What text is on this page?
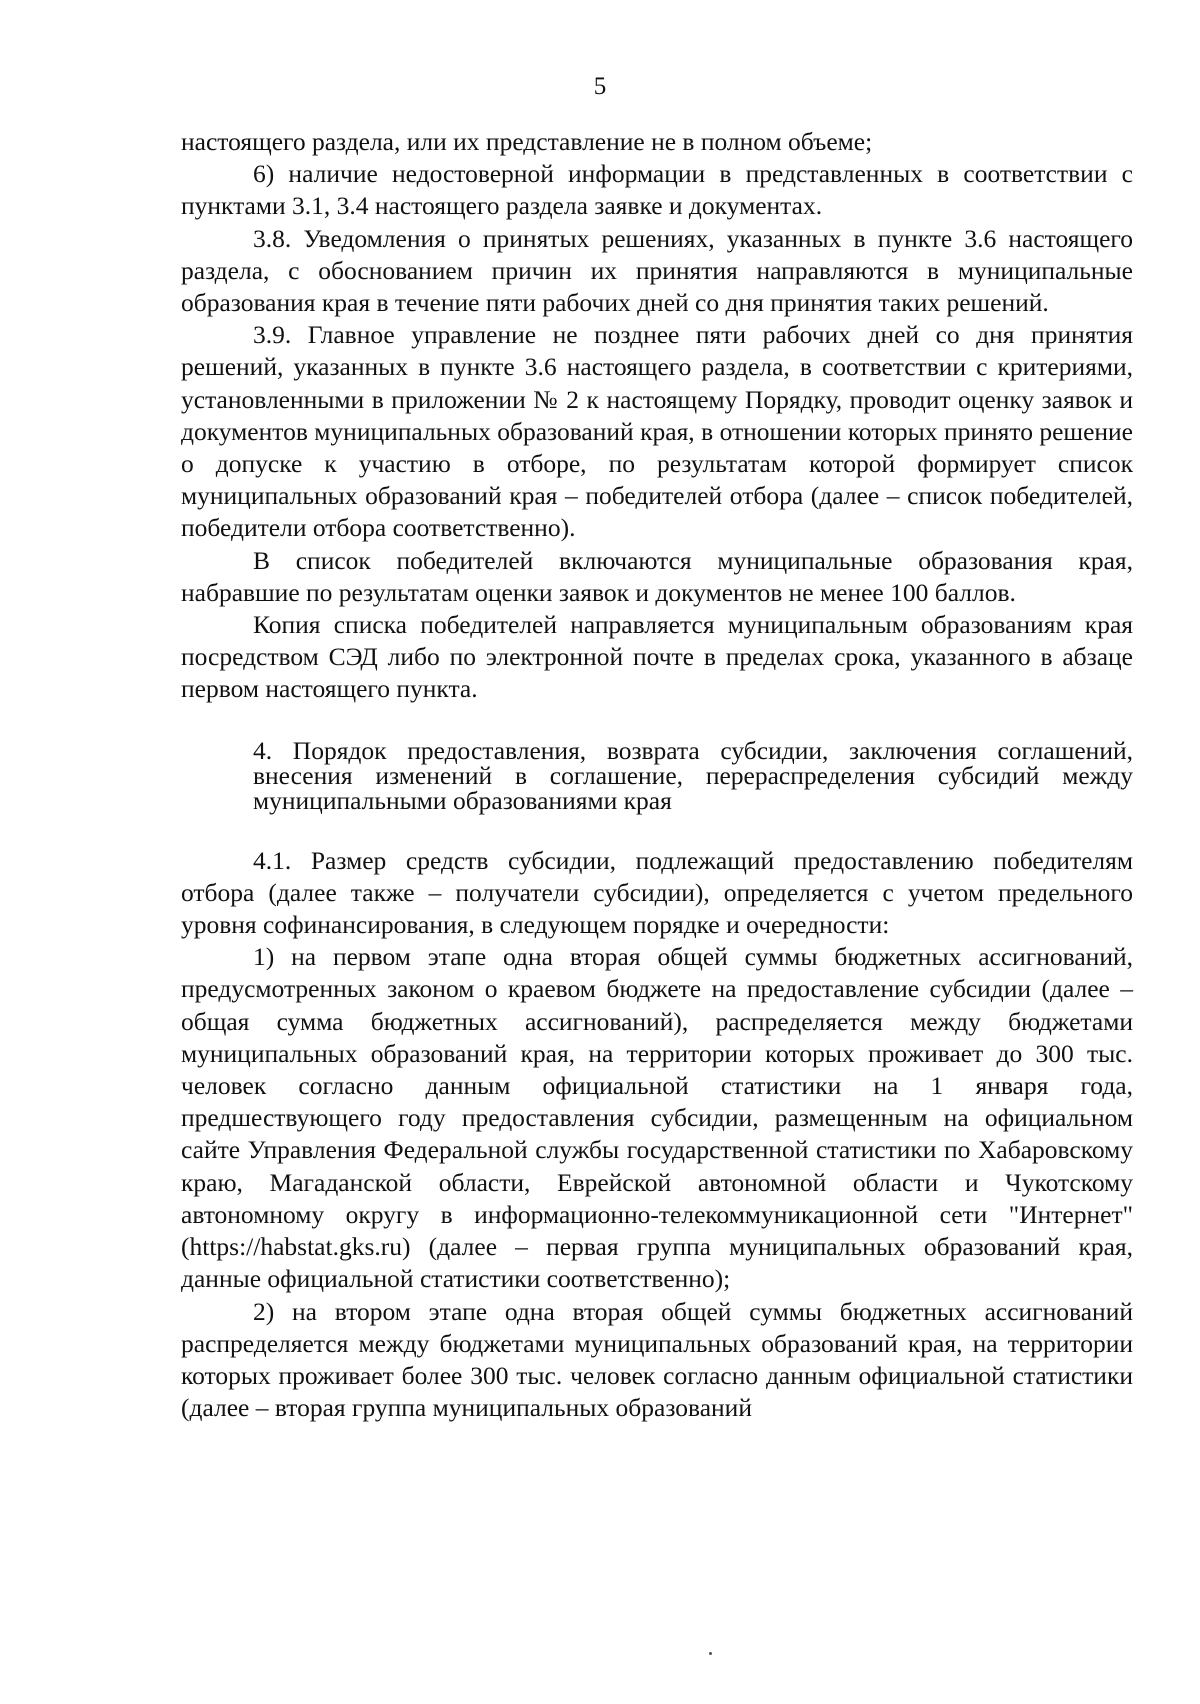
5

настоящего раздела, или их представление не в полном объеме;

6) наличие недостоверной информации в представленных в соответствии с пунктами 3.1, 3.4 настоящего раздела заявке и документах.

3.8. Уведомления о принятых решениях, указанных в пункте 3.6 настоящего раздела, с обоснованием причин их принятия направляются в муниципальные образования края в течение пяти рабочих дней со дня принятия таких решений.

3.9. Главное управление не позднее пяти рабочих дней со дня принятия решений, указанных в пункте 3.6 настоящего раздела, в соответствии с критериями, установленными в приложении № 2 к настоящему Порядку, проводит оценку заявок и документов муниципальных образований края, в отношении которых принято решение о допуске к участию в отборе, по результатам которой формирует список муниципальных образований края – победителей отбора (далее – список победителей, победители отбора соответственно).

В список победителей включаются муниципальные образования края, набравшие по результатам оценки заявок и документов не менее 100 баллов.

Копия списка победителей направляется муниципальным образованиям края посредством СЭД либо по электронной почте в пределах срока, указанного в абзаце первом настоящего пункта.

4. Порядок предоставления, возврата субсидии, заключения соглашений, внесения изменений в соглашение, перераспределения субсидий между муниципальными образованиями края

4.1. Размер средств субсидии, подлежащий предоставлению победителям отбора (далее также – получатели субсидии), определяется с учетом предельного уровня софинансирования, в следующем порядке и очередности:

1) на первом этапе одна вторая общей суммы бюджетных ассигнований, предусмотренных законом о краевом бюджете на предоставление субсидии (далее – общая сумма бюджетных ассигнований), распределяется между бюджетами муниципальных образований края, на территории которых проживает до 300 тыс. человек согласно данным официальной статистики на 1 января года, предшествующего году предоставления субсидии, размещенным на официальном сайте Управления Федеральной службы государственной статистики по Хабаровскому краю, Магаданской области, Еврейской автономной области и Чукотскому автономному округу в информационно-телекоммуникационной сети "Интернет" (https://habstat.gks.ru) (далее – первая группа муниципальных образований края, данные официальной статистики соответственно);

2) на втором этапе одна вторая общей суммы бюджетных ассигнований распределяется между бюджетами муниципальных образований края, на территории которых проживает более 300 тыс. человек согласно данным официальной статистики (далее – вторая группа муниципальных образований
